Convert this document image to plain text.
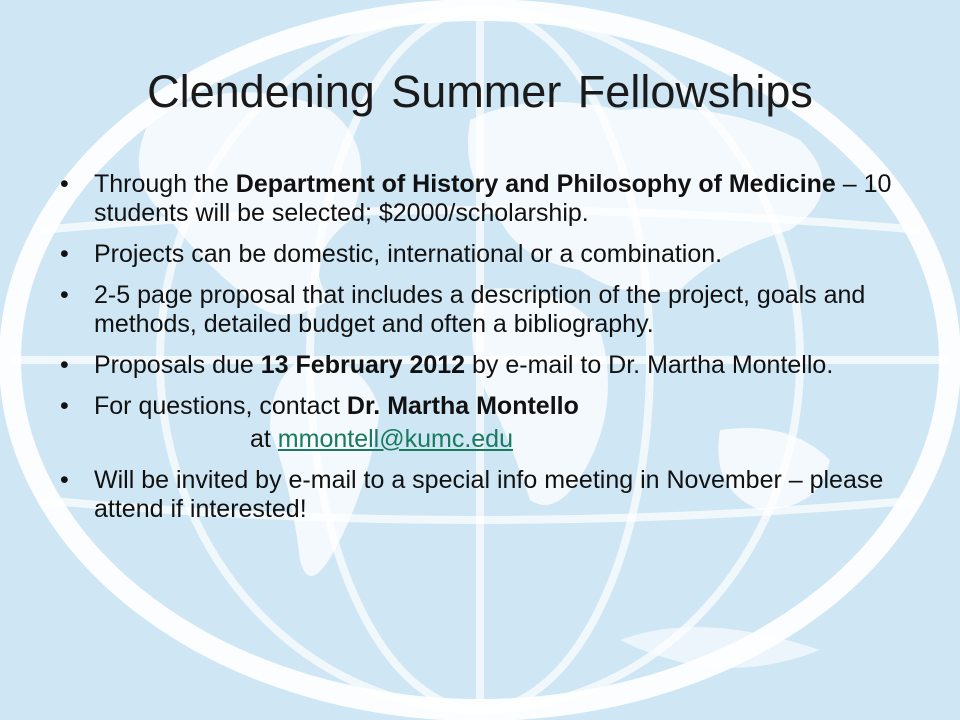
Clendening Summer Fellowships
• Through the Department of History and Philosophy of Medicine – 10 students will be selected; $2000/scholarship.
• Projects can be domestic, international or a combination.
• 2-5 page proposal that includes a description of the project, goals and methods, detailed budget and often a bibliography.
• Proposals due 13 February 2012 by e-mail to Dr. Martha Montello.
• For questions, contact Dr. Martha Montello
at mmontell@kumc.edu
• Will be invited by e-mail to a special info meeting in November – please attend if interested!
